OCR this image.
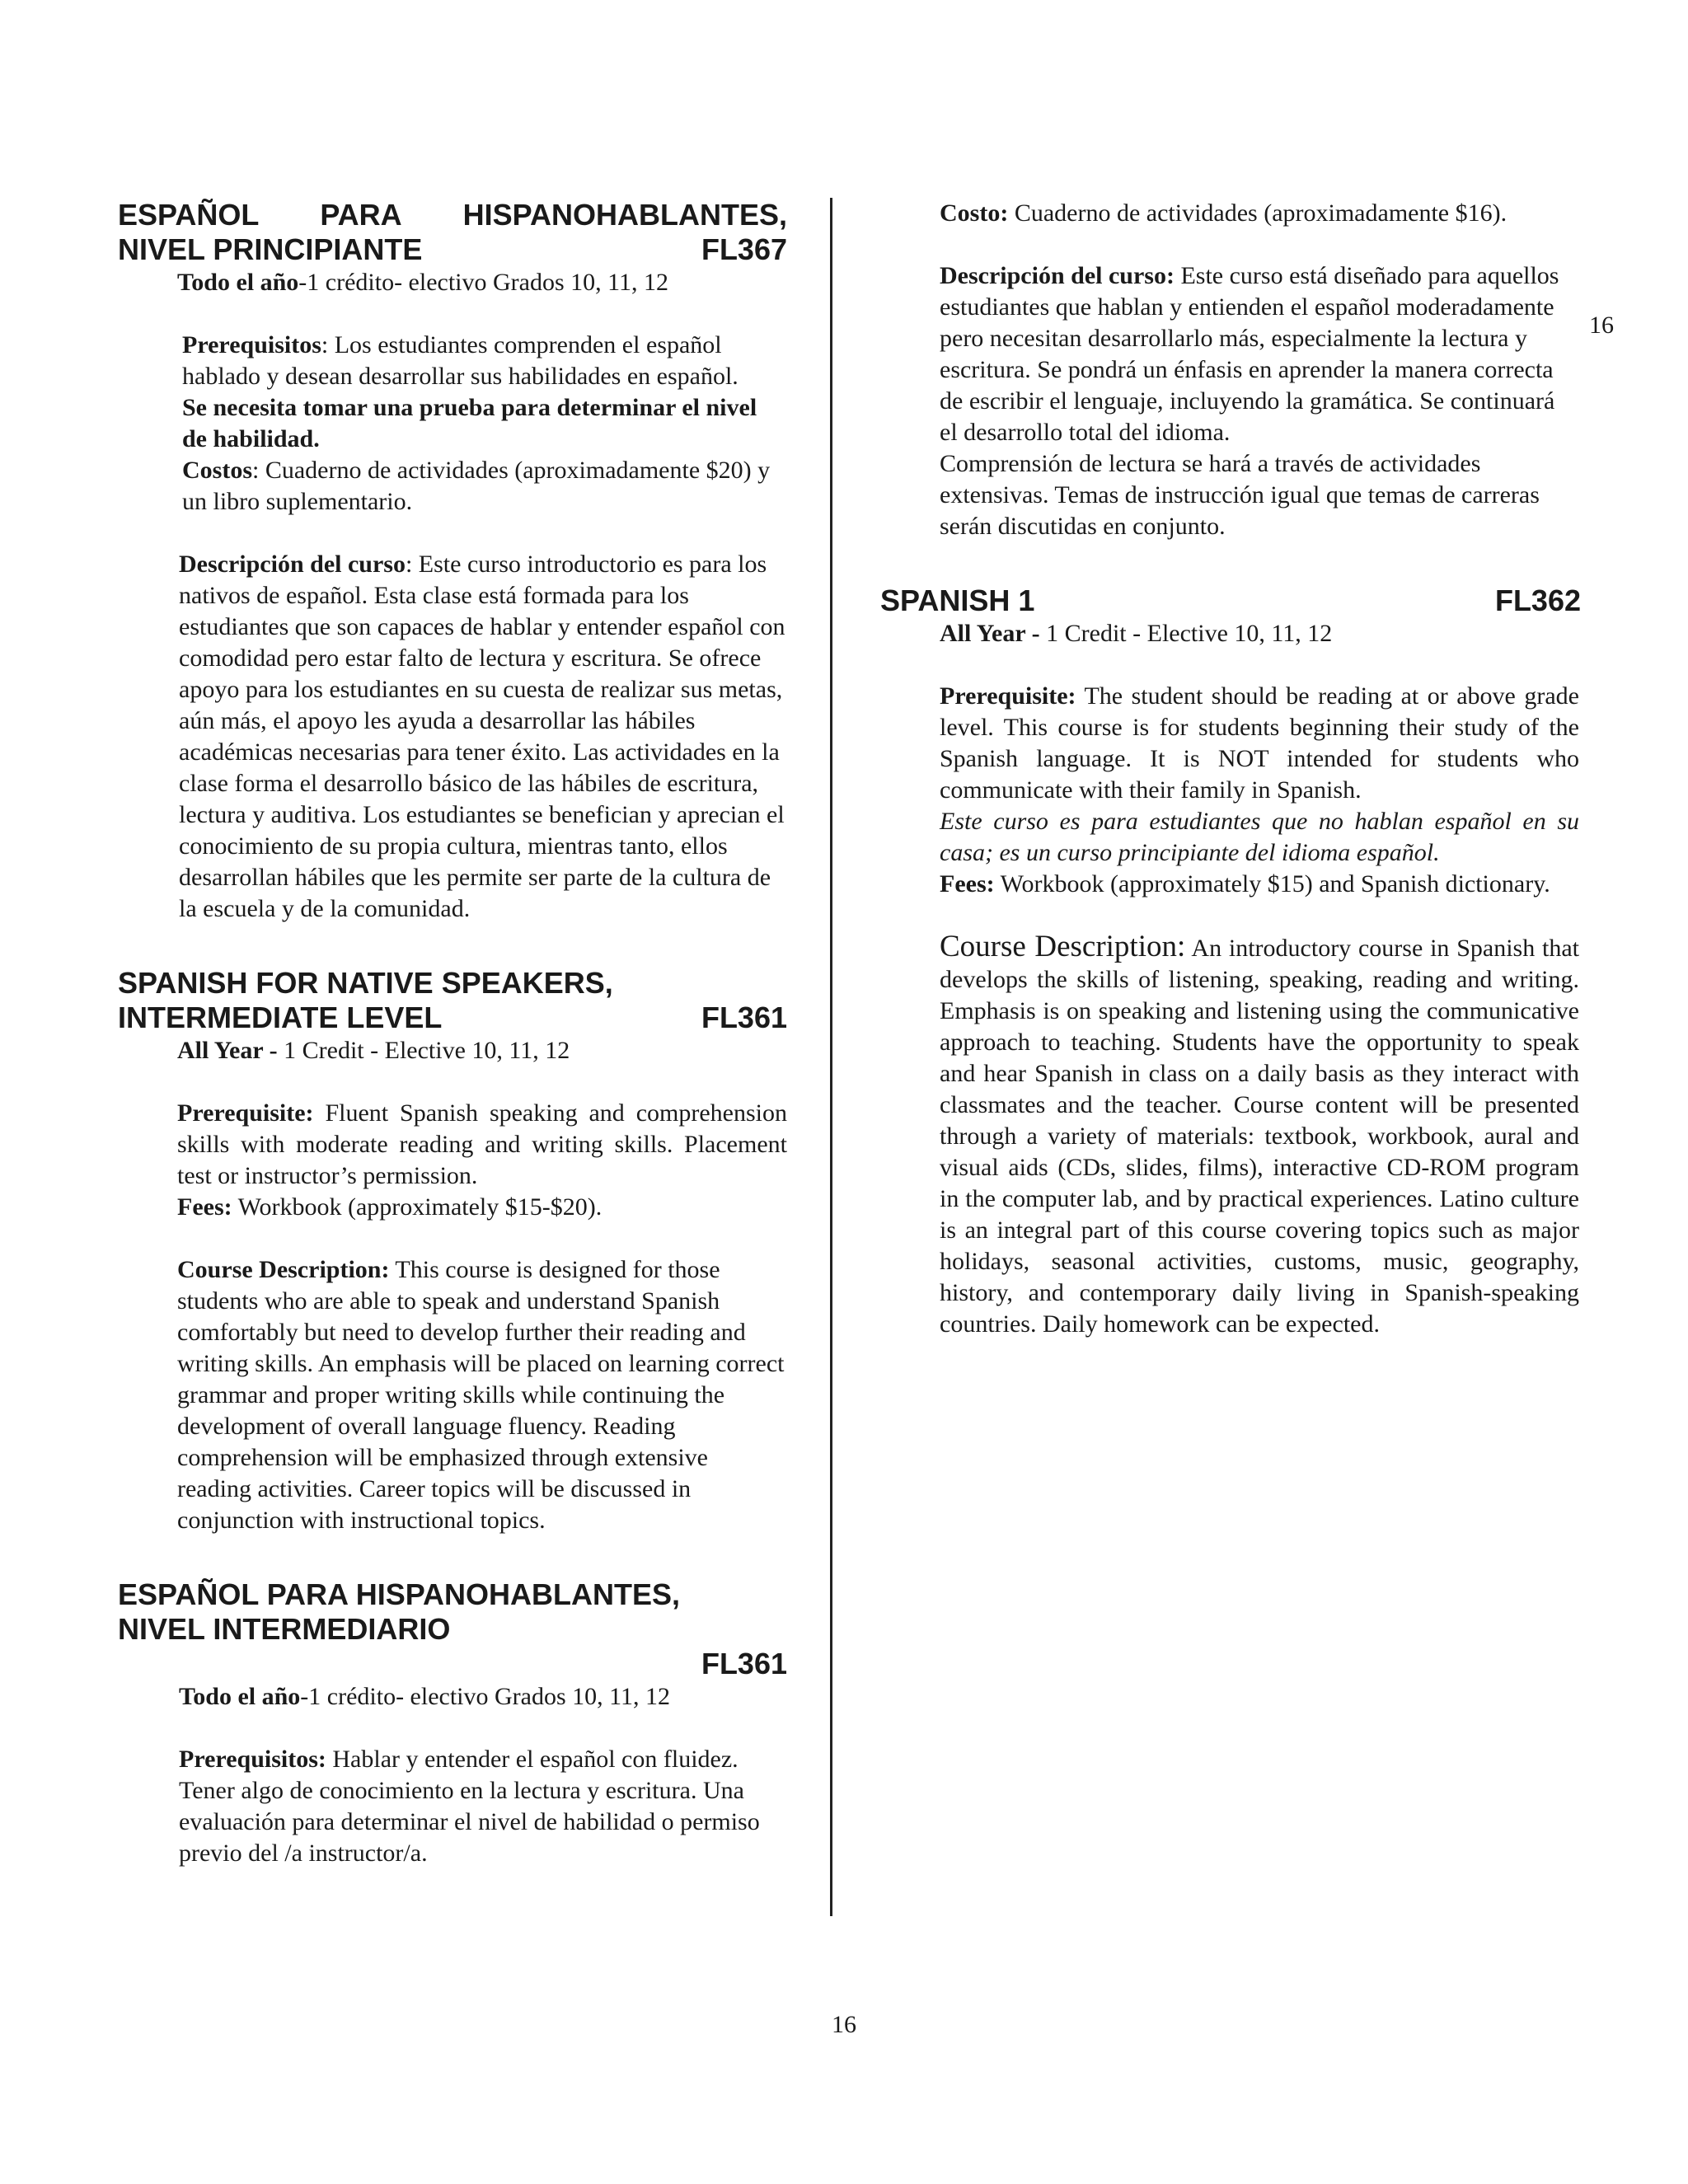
16
ESPAÑOL PARA HISPANOHABLANTES,
NIVEL PRINCIPIANTE	FL367

Todo el año-1 crédito- electivo Grados 10, 11, 12

Prerequisitos: Los estudiantes comprenden el español hablado y desean desarrollar sus habilidades en español.

Se necesita tomar una prueba para determinar el nivel de habilidad.

Costos: Cuaderno de actividades (aproximadamente $20) y un libro suplementario.

Descripción del curso: Este curso introductorio es para los nativos de español. Esta clase está formada para los estudiantes que son capaces de hablar y entender español con comodidad pero estar falto de lectura y escritura. Se ofrece apoyo para los estudiantes en su cuesta de realizar sus metas, aún más, el apoyo les ayuda a desarrollar las hábiles académicas necesarias para tener éxito. Las actividades en la clase forma el desarrollo básico de las hábiles de escritura, lectura y auditiva. Los estudiantes se benefician y aprecian el conocimiento de su propia cultura, mientras tanto, ellos desarrollan hábiles que les permite ser parte de la cultura de la escuela y de la comunidad.

SPANISH FOR NATIVE SPEAKERS,
INTERMEDIATE LEVEL	FL361

All Year - 1 Credit - Elective 10, 11, 12

Prerequisite: Fluent Spanish speaking and comprehension skills with moderate reading and writing skills. Placement test or instructor’s permission.

Fees: Workbook (approximately $15-$20).

Course Description: This course is designed for those students who are able to speak and understand Spanish comfortably but need to develop further their reading and writing skills. An emphasis will be placed on learning correct grammar and proper writing skills while continuing the development of overall language fluency. Reading comprehension will be emphasized through extensive reading activities. Career topics will be discussed in conjunction with instructional topics.

ESPAÑOL PARA HISPANOHABLANTES,
NIVEL INTERMEDIARIO
FL361

Todo el año-1 crédito- electivo Grados 10, 11, 12

Prerequisitos: Hablar y entender el español con fluidez. Tener algo de conocimiento en la lectura y escritura. Una evaluación para determinar el nivel de habilidad o permiso previo del /a instructor/a.

Costo: Cuaderno de actividades (aproximadamente $16).

Descripción del curso: Este curso está diseñado para aquellos estudiantes que hablan y entienden el español moderadamente pero necesitan desarrollarlo más, especialmente la lectura y escritura. Se pondrá un énfasis en aprender la manera correcta de escribir el lenguaje, incluyendo la gramática. Se continuará el desarrollo total del idioma.

Comprensión de lectura se hará a través de actividades extensivas. Temas de instrucción igual que temas de carreras serán discutidas en conjunto.

SPANISH 1	FL362

All Year - 1 Credit - Elective 10, 11, 12

Prerequisite: The student should be reading at or above grade level. This course is for students beginning their study of the Spanish language. It is NOT intended for students who communicate with their family in Spanish.

Este curso es para estudiantes que no hablan español en su casa; es un curso principiante del idioma español.

Fees: Workbook (approximately $15) and Spanish dictionary.

Course Description: An introductory course in Spanish that develops the skills of listening, speaking, reading and writing. Emphasis is on speaking and listening using the communicative approach to teaching. Students have the opportunity to speak and hear Spanish in class on a daily basis as they interact with classmates and the teacher. Course content will be presented through a variety of materials: textbook, workbook, aural and visual aids (CDs, slides, films), interactive CD-ROM program in the computer lab, and by practical experiences. Latino culture is an integral part of this course covering topics such as major holidays, seasonal activities, customs, music, geography, history, and contemporary daily living in Spanish-speaking countries. Daily homework can be expected.

16
